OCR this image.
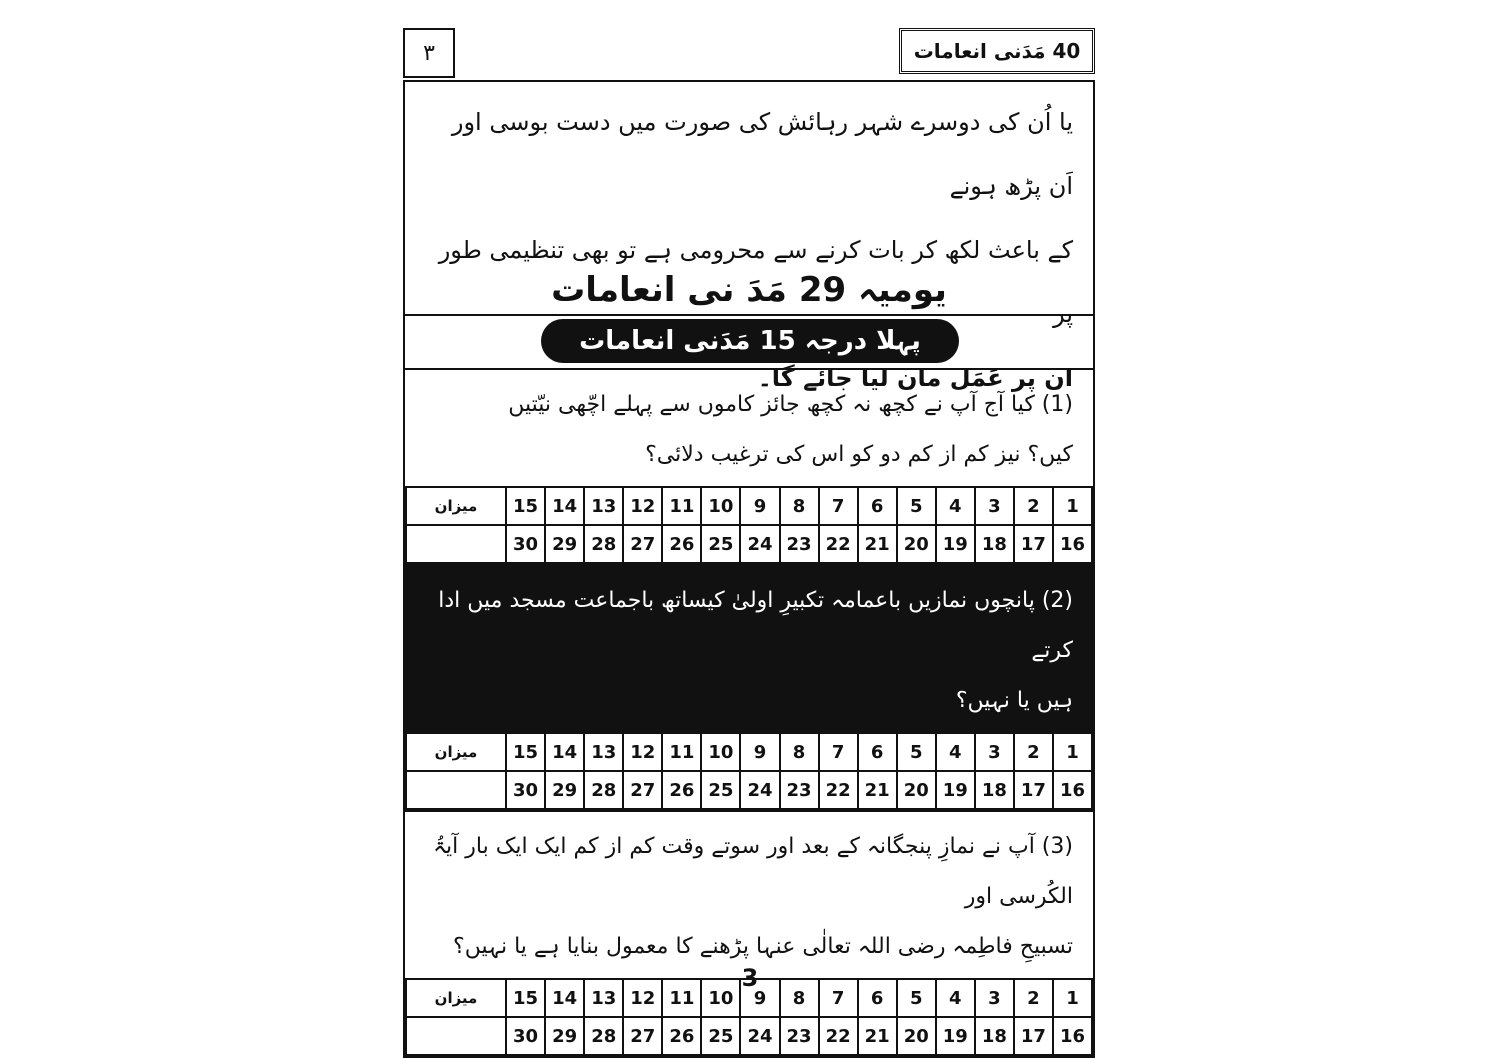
۳	40 مَدَنی انعامات

یا اُن کی دوسرے شہر رہائش کی صورت میں دست بوسی اور اَن پڑھ ہونے

کے باعث لکھ کر بات کرنے سے محرومی ہے تو بھی تنظیمی طور پر

ان پر عَمَل مان لیا جائے گا۔

یومیہ 29 مَدَ نی انعامات
پہلا درجہ 15 مَدَنی انعامات

(1) کیا آج آپ نے کچھ نہ کچھ جائز کاموں سے پہلے اچّھی نیّتیں

کیں؟ نیز کم از کم دو کو اس کی ترغیب دلائی؟

1	2	3	4	5	6	7	8	9	10	11	12	13	14	15	میزان
16	17	18	19	20	21	22	23	24	25	26	27	28	29	30	

(2) پانچوں نمازیں باعمامہ تکبیرِ اولیٰ کیساتھ باجماعت مسجد میں ادا کرتے

ہیں یا نہیں؟

1	2	3	4	5	6	7	8	9	10	11	12	13	14	15	میزان
16	17	18	19	20	21	22	23	24	25	26	27	28	29	30	

(3) آپ نے نمازِ پنجگانہ کے بعد اور سوتے وقت کم از کم ایک ایک بار آیۃُ الکُرسی اور

تسبیحِ فاطِمہ رضی اللہ تعالٰی عنہا پڑھنے کا معمول بنایا ہے یا نہیں؟

1	2	3	4	5	6	7	8	9	10	11	12	13	14	15	میزان
16	17	18	19	20	21	22	23	24	25	26	27	28	29	30	
3
